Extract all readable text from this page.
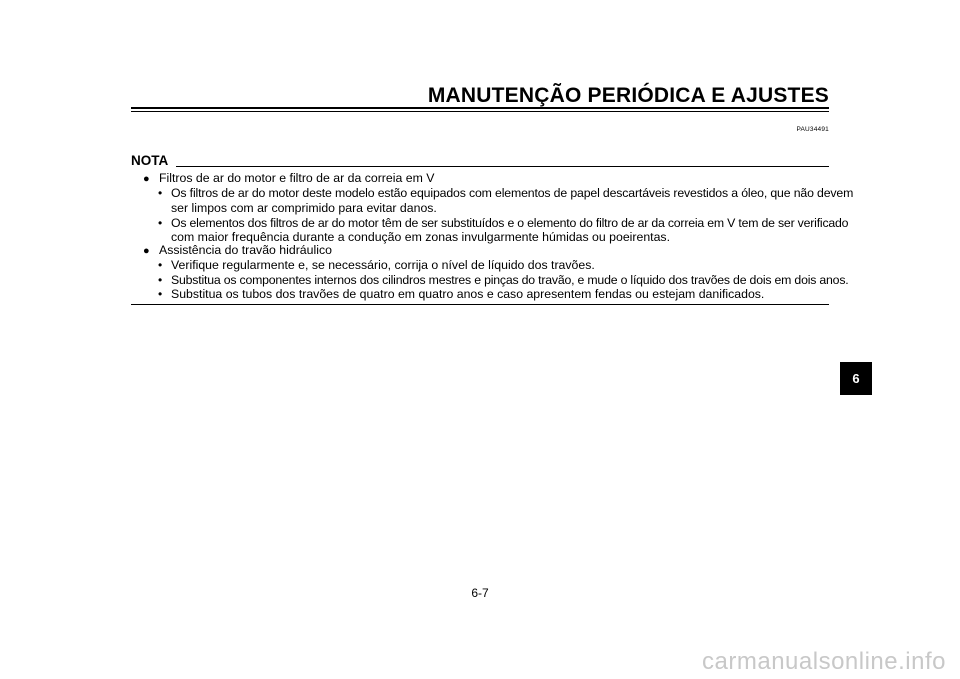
MANUTENÇÃO PERIÓDICA E AJUSTES
PAU34491
NOTA
● Filtros de ar do motor e filtro de ar da correia em V
• Os filtros de ar do motor deste modelo estão equipados com elementos de papel descartáveis revestidos a óleo, que não devem
ser limpos com ar comprimido para evitar danos.
• Os elementos dos filtros de ar do motor têm de ser substituídos e o elemento do filtro de ar da correia em V tem de ser verificado
com maior frequência durante a condução em zonas invulgarmente húmidas ou poeirentas.
● Assistência do travão hidráulico
• Verifique regularmente e, se necessário, corrija o nível de líquido dos travões.
• Substitua os componentes internos dos cilindros mestres e pinças do travão, e mude o líquido dos travões de dois em dois anos.
• Substitua os tubos dos travões de quatro em quatro anos e caso apresentem fendas ou estejam danificados.
6
6-7
carmanualsonline.info
